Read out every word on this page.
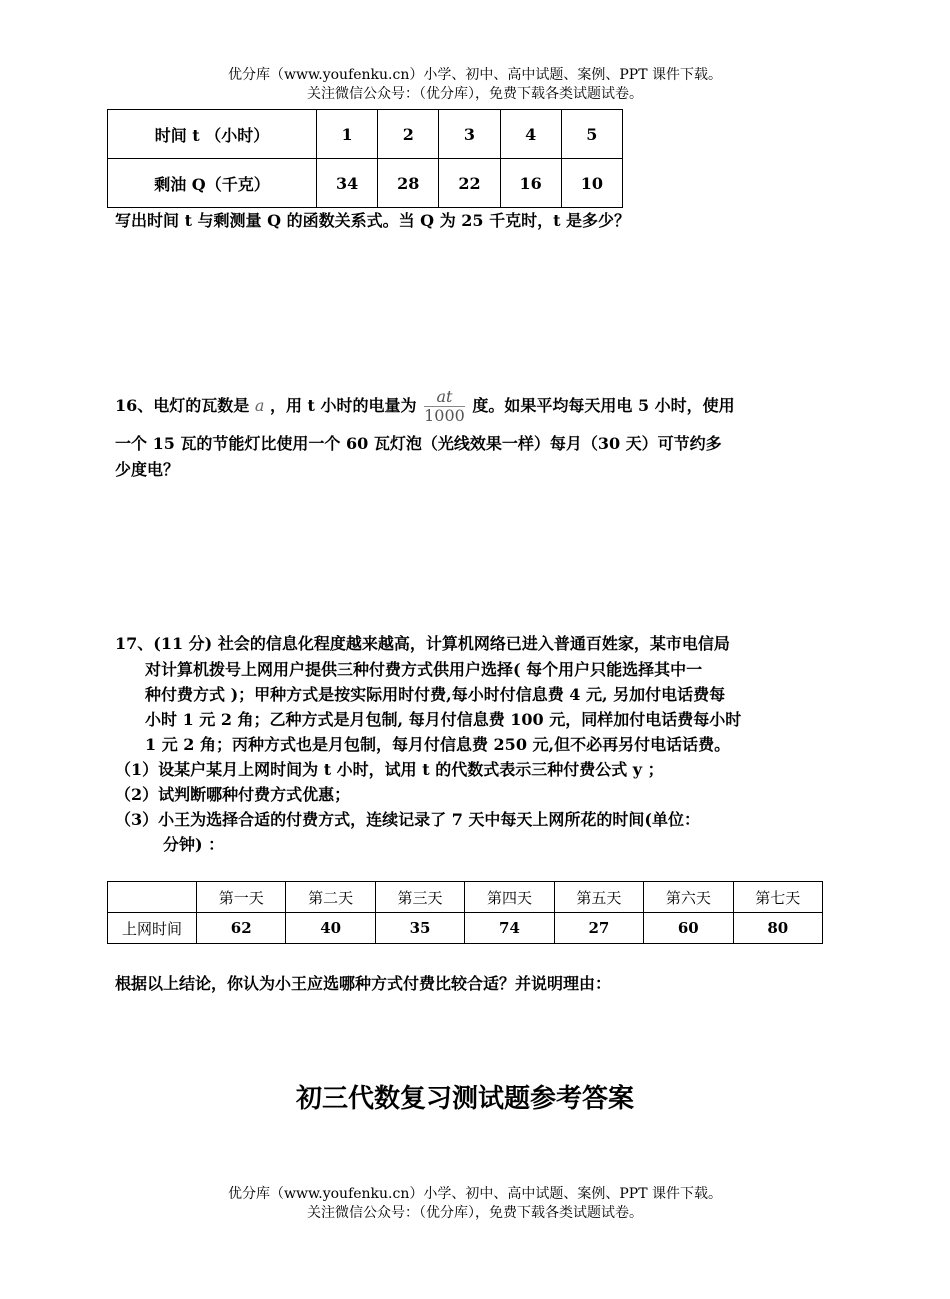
优分库（www.youfenku.cn）小学、初中、高中试题、案例、PPT 课件下载。
关注微信公众号：（优分库），免费下载各类试题试卷。
时间 t （小时）	1	2	3	4	5
剩油 Q（千克）	34	28	22	16	10
写出时间 t 与剩测量 Q 的函数关系式。当 Q 为 25 千克时，t 是多少？
16、电灯的瓦数是 a ，用 t 小时的电量为 $\frac{at}{1000}$ 度。如果平均每天用电 5 小时，使用
一个 15 瓦的节能灯比使用一个 60 瓦灯泡（光线效果一样）每月（30 天）可节约多
少度电？
17、(11 分) 社会的信息化程度越来越高，计算机网络已进入普通百姓家，某市电信局
对计算机拨号上网用户提供三种付费方式供用户选择( 每个用户只能选择其中一
种付费方式 )；甲种方式是按实际用时付费,每小时付信息费 4 元, 另加付电话费每
小时 1 元 2 角；乙种方式是月包制, 每月付信息费 100 元，同样加付电话费每小时
1 元 2 角；丙种方式也是月包制，每月付信息费 250 元,但不必再另付电话话费。
（1）设某户某月上网时间为 t 小时，试用 t 的代数式表示三种付费公式 y ；
（2）试判断哪种付费方式优惠；
（3）小王为选择合适的付费方式，连续记录了 7 天中每天上网所花的时间(单位：
分钟) ：
	第一天	第二天	第三天	第四天	第五天	第六天	第七天
上网时间	62	40	35	74	27	60	80
根据以上结论，你认为小王应选哪种方式付费比较合适？并说明理由：
初三代数复习测试题参考答案
优分库（www.youfenku.cn）小学、初中、高中试题、案例、PPT 课件下载。
关注微信公众号：（优分库），免费下载各类试题试卷。
